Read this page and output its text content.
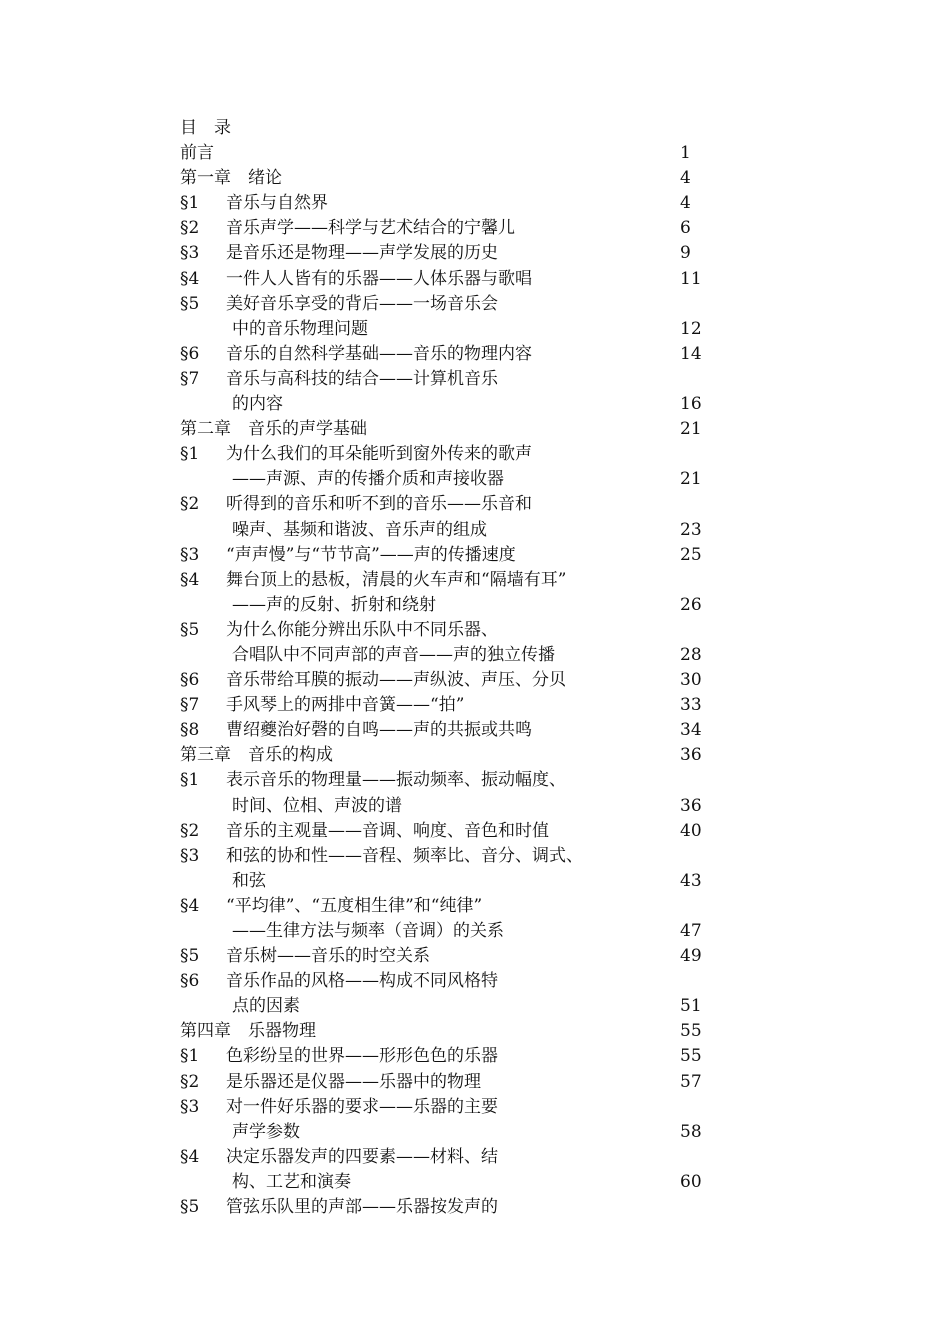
目　录
前言	1
第一章　绪论	4
§1 音乐与自然界	4
§2 音乐声学——科学与艺术结合的宁馨儿	6
§3 是音乐还是物理——声学发展的历史	9
§4 一件人人皆有的乐器——人体乐器与歌唱	11
§5 美好音乐享受的背后——一场音乐会
中的音乐物理问题	12
§6 音乐的自然科学基础——音乐的物理内容	14
§7 音乐与高科技的结合——计算机音乐
的内容	16
第二章　音乐的声学基础	21
§1 为什么我们的耳朵能听到窗外传来的歌声
——声源、声的传播介质和声接收器	21
§2 听得到的音乐和听不到的音乐——乐音和
噪声、基频和谐波、音乐声的组成	23
§3 “声声慢”与“节节高”——声的传播速度	25
§4 舞台顶上的悬板，清晨的火车声和“隔墙有耳”
——声的反射、折射和绕射	26
§5 为什么你能分辨出乐队中不同乐器、
合唱队中不同声部的声音——声的独立传播	28
§6 音乐带给耳膜的振动——声纵波、声压、分贝	30
§7 手风琴上的两排中音簧——“拍”	33
§8 曹绍夔治好磬的自鸣——声的共振或共鸣	34
第三章　音乐的构成	36
§1 表示音乐的物理量——振动频率、振动幅度、
时间、位相、声波的谱	36
§2 音乐的主观量——音调、响度、音色和时值	40
§3 和弦的协和性——音程、频率比、音分、调式、
和弦	43
§4 “平均律”、“五度相生律”和“纯律”
——生律方法与频率（音调）的关系	47
§5 音乐树——音乐的时空关系	49
§6 音乐作品的风格——构成不同风格特
点的因素	51
第四章　乐器物理	55
§1 色彩纷呈的世界——形形色色的乐器	55
§2 是乐器还是仪器——乐器中的物理	57
§3 对一件好乐器的要求——乐器的主要
声学参数	58
§4 决定乐器发声的四要素——材料、结
构、工艺和演奏	60
§5 管弦乐队里的声部——乐器按发声的
